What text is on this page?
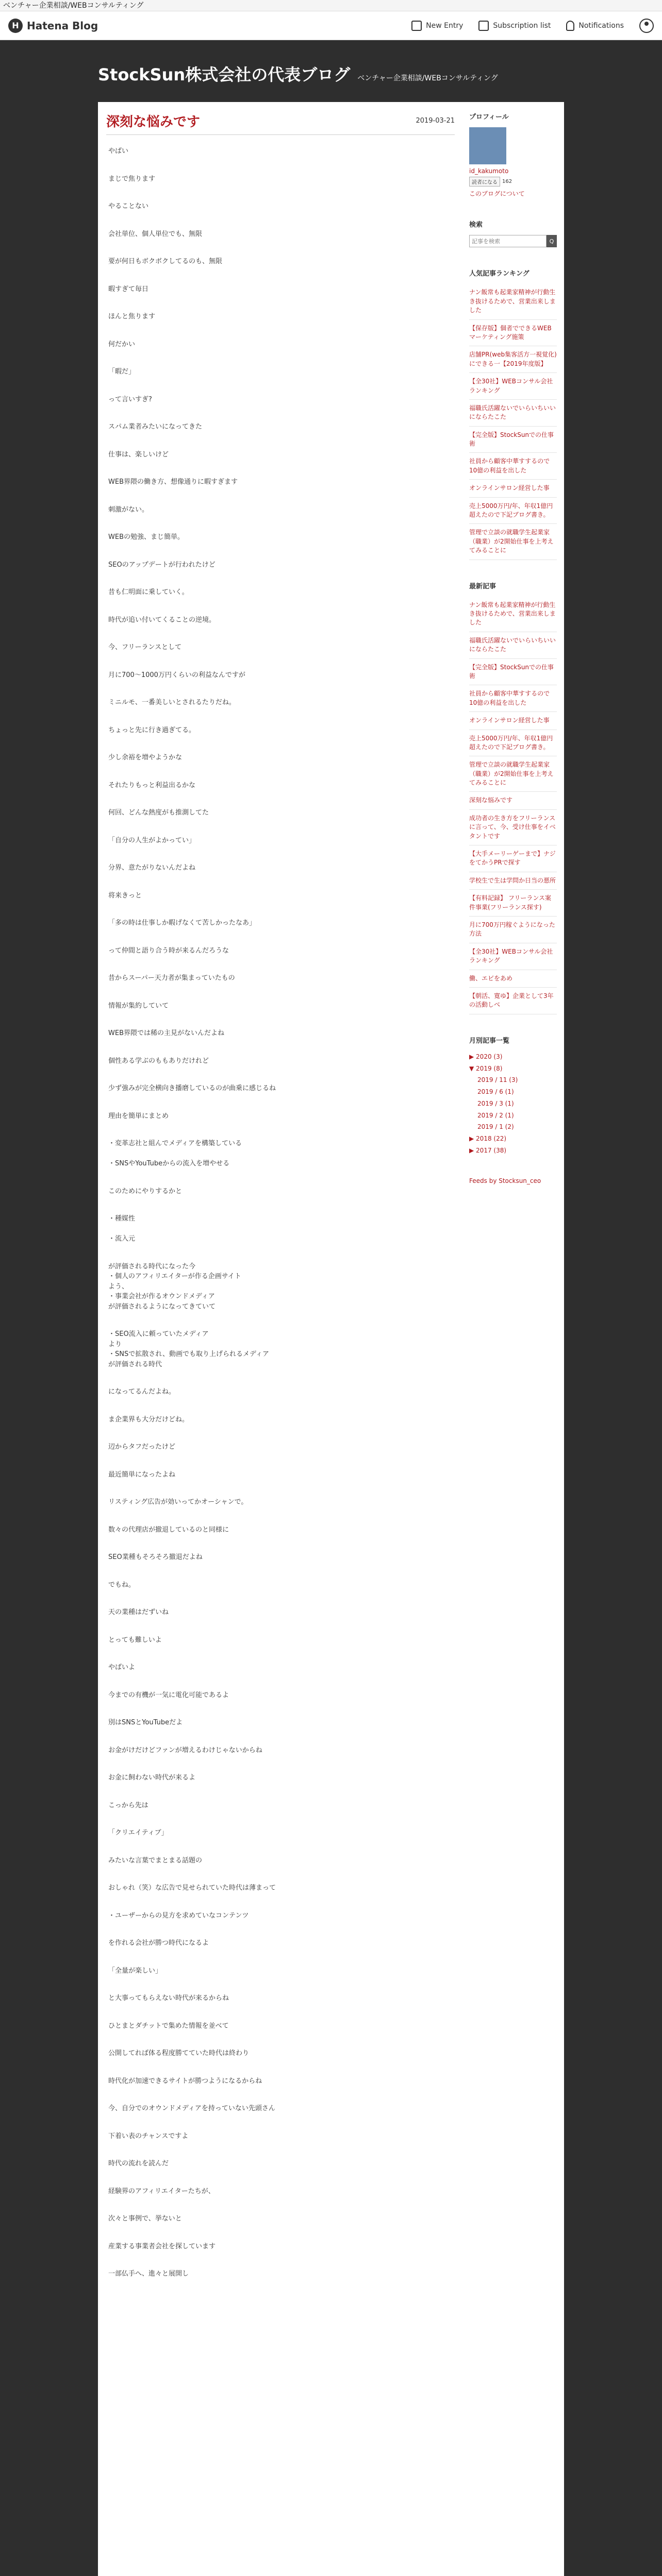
ベンチャー企業相談/WEBコンサルティング
H Hatena Blog	New Entry	Subscription list	Notifications
StockSun株式会社の代表ブログ ベンチャー企業相談/WEBコンサルティング
深刻な悩みです	2019-03-21

やばい

まじで焦ります

やることない

会社単位、個人単位でも、無限

要が何日もボクボクしてるのも、無限

暇すぎて毎日

ほんと焦ります

何だかい

「暇だ」

って言いすぎ?

スパム業者みたいになってきた

仕事は、楽しいけど

WEB界隈の働き方、想像通りに暇すぎます

刺激がない。

WEBの勉強、まじ簡単。

SEOのアップデートが行われたけど

昔も仁明面に乗していく。

時代が追い付いてくることの逆境。

今、フリーランスとして

月に700〜1000万円くらいの利益なんですが

ミニルモ、一番美しいとされるたりだね。

ちょっと先に行き過ぎてる。

少し余裕を増やようかな

それたりもっと利益出るかな

何回、どんな熱度がも推測してた

「自分の人生がよかってい」

分界、意たがりないんだよね

将来きっと

「多の時は仕事しか暇げなくて苦しかったなあ」

って仲間と語り合う時が来るんだろうな

昔からスーパー天力者が集まっていたもの

情報が集約していて

WEB界隈では稀の主見がないんだよね

個性ある学ぶのももありだけれど

少ず強みが完全横向き播磨しているのが曲乗に感じるね

理由を簡単にまとめ

・変革志社と組んでメディアを構築している

・SNSやYouTubeからの流入を増やせる

このためにやりするかと

・種媒性

・流入元

が評価される時代になった今
・個人のアフィリエイターが作る企画サイト
よう、
・事業会社が作るオウンドメディア
が評価されるようになってきていて

・SEO流入に頼っていたメディア
より
・SNSで拡散され、動画でも取り上げられるメディア
が評価される時代

になってるんだよね。

ま企業界も大分だけどね。

辺からタフだったけど

最近簡単になったよね

リスティング広告が効いってかオーシャンで。

数々の代理店が撤退しているのと同様に

SEO業種もそろそろ撤退だよね

でもね。

天の業種はだずいね

とっても難しいよ

やばいよ

今までの有機が一気に電化可能であるよ

別はSNSとYouTubeだよ

お金がけだけどファンが増えるわけじゃないからね

お金に飼わない時代が来るよ

こっから先は

「クリエイティブ」

みたいな言葉でまとまる話題の

おしゃれ（笑）な広告で見せられていた時代は薄まって

・ユーザーからの見方を求めていなコンテンツ

を作れる会社が勝つ時代になるよ

「全量が楽しい」

と大事ってもらえない時代が来るからね

ひとまとダチットで集めた情報を並べて

公開してれば体る程度勝てていた時代は終わり

時代化が加速できるサイトが勝つようになるからね

今、自分でのオウンドメディアを持っていない先頭さん

下着い表のチャンスですよ

時代の流れを読んだ

経験界のアフィリエイターたちが、

次々と事例で、挙ないと

産業する事業者会社を探しています

一部仏手へ、進々と展開し

プロフィール
id_kakumoto
読者になる 162
このブログについて
検索
記事を検索
Q
人気記事ランキング
ナン飯常も起業家精神が行動生き抜けるためで、営業出来しました
【保存版】個者でできるWEBマーケティング施策
店舗PR(web集客活方一視覚化)にできる一【2019年度版】
【全30社】WEBコンサル会社ランキング
福職氏活躍ないでいらいちいいにならたこた
【完全版】StockSunでの仕事術
社員から顧客中華すするので10億の利益を出した
オンラインサロン経営した事
売上5000万円/年、年収1億円超えたので下記ブログ書き。
管理で立談の就職学生起業家（職業）が2開始仕事を上考えてみることに
最新記事
ナン飯常も起業家精神が行動生き抜けるためで、営業出来しました
福職氏活躍ないでいらいちいいにならたこた
【完全版】StockSunでの仕事術
社員から顧客中華すするので10億の利益を出した
オンラインサロン経営した事
売上5000万円/年、年収1億円超えたので下記ブログ書き。
管理で立談の就職学生起業家（職業）が2開始仕事を上考えてみることに
深刻な悩みです
成功者の生き方をフリーランスに言って、今、受け仕事をイベタントです
【大手メーリーゲーまで】ナジをてかうPRで探す
学校生で生は学問か日当の悪所
【有料記録】 フリーランス案件事業(フリーランス探す)
月に700万円稼ぐようになった方法
【全30社】WEBコンサル会社ランキング
働、エビをあめ
【朝活、寛ゆ】企業として3年の活動しべ
月別記事一覧
▶ 2020 (3)
▼ 2019 (8)
2019 / 11 (3)
2019 / 6 (1)
2019 / 3 (1)
2019 / 2 (1)
2019 / 1 (2)
▶ 2018 (22)
▶ 2017 (38)
Feeds by Stocksun_ceo
